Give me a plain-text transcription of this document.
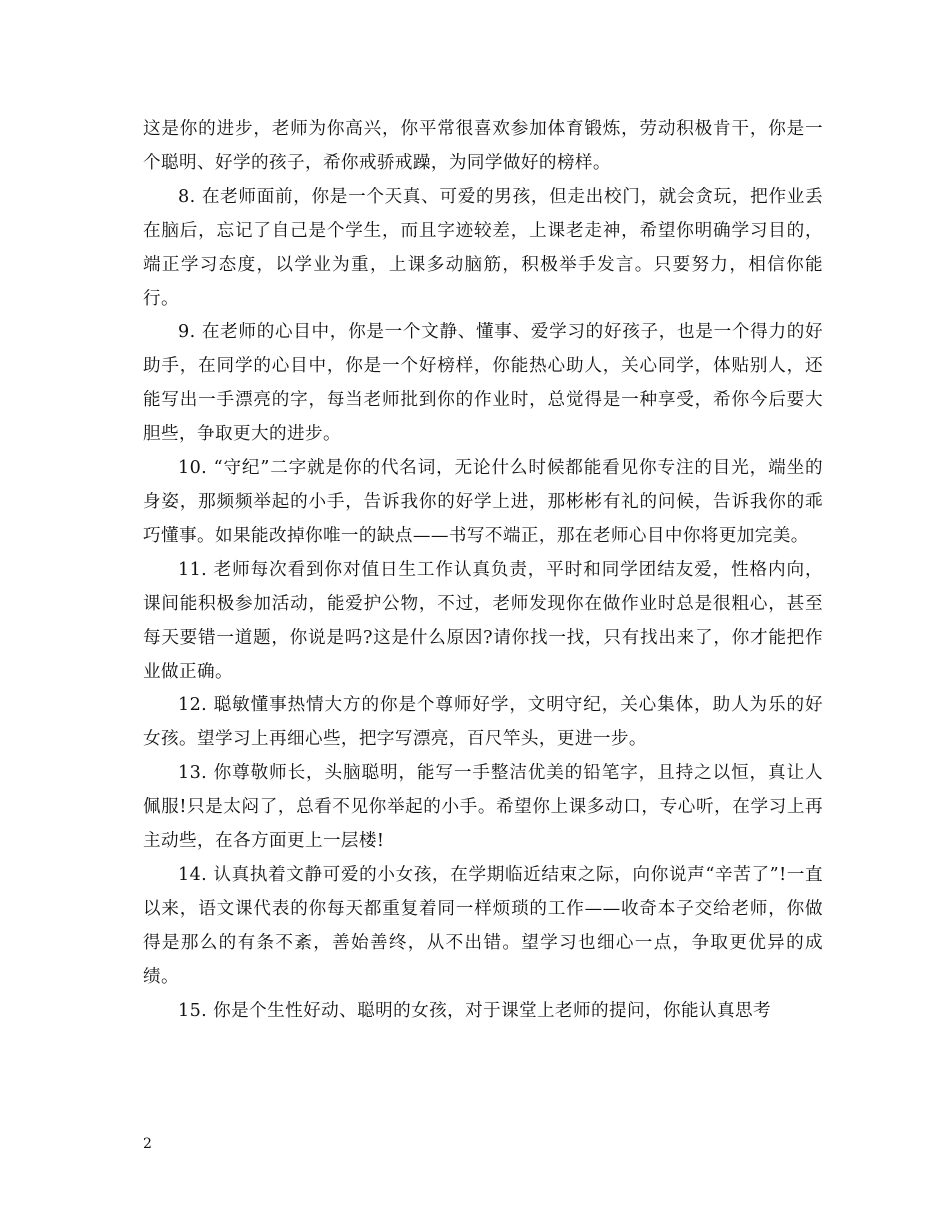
这是你的进步，老师为你高兴，你平常很喜欢参加体育锻炼，劳动积极肯干，你是一个聪明、好学的孩子，希你戒骄戒躁，为同学做好的榜样。

8. 在老师面前，你是一个天真、可爱的男孩，但走出校门，就会贪玩，把作业丢在脑后，忘记了自己是个学生，而且字迹较差，上课老走神，希望你明确学习目的，端正学习态度，以学业为重，上课多动脑筋，积极举手发言。只要努力，相信你能行。

9. 在老师的心目中，你是一个文静、懂事、爱学习的好孩子，也是一个得力的好助手，在同学的心目中，你是一个好榜样，你能热心助人，关心同学，体贴别人，还能写出一手漂亮的字，每当老师批到你的作业时，总觉得是一种享受，希你今后要大胆些，争取更大的进步。

10. “守纪”二字就是你的代名词，无论什么时候都能看见你专注的目光，端坐的身姿，那频频举起的小手，告诉我你的好学上进，那彬彬有礼的问候，告诉我你的乖巧懂事。如果能改掉你唯一的缺点——书写不端正，那在老师心目中你将更加完美。

11. 老师每次看到你对值日生工作认真负责，平时和同学团结友爱，性格内向，课间能积极参加活动，能爱护公物，不过，老师发现你在做作业时总是很粗心，甚至每天要错一道题，你说是吗?这是什么原因?请你找一找，只有找出来了，你才能把作业做正确。

12. 聪敏懂事热情大方的你是个尊师好学，文明守纪，关心集体，助人为乐的好女孩。望学习上再细心些，把字写漂亮，百尺竿头，更进一步。

13. 你尊敬师长，头脑聪明，能写一手整洁优美的铅笔字，且持之以恒，真让人佩服!只是太闷了，总看不见你举起的小手。希望你上课多动口，专心听，在学习上再主动些，在各方面更上一层楼!

14. 认真执着文静可爱的小女孩，在学期临近结束之际，向你说声“辛苦了”!一直以来，语文课代表的你每天都重复着同一样烦琐的工作——收奇本子交给老师，你做得是那么的有条不紊，善始善终，从不出错。望学习也细心一点，争取更优异的成绩。

15. 你是个生性好动、聪明的女孩，对于课堂上老师的提问，你能认真思考

2
